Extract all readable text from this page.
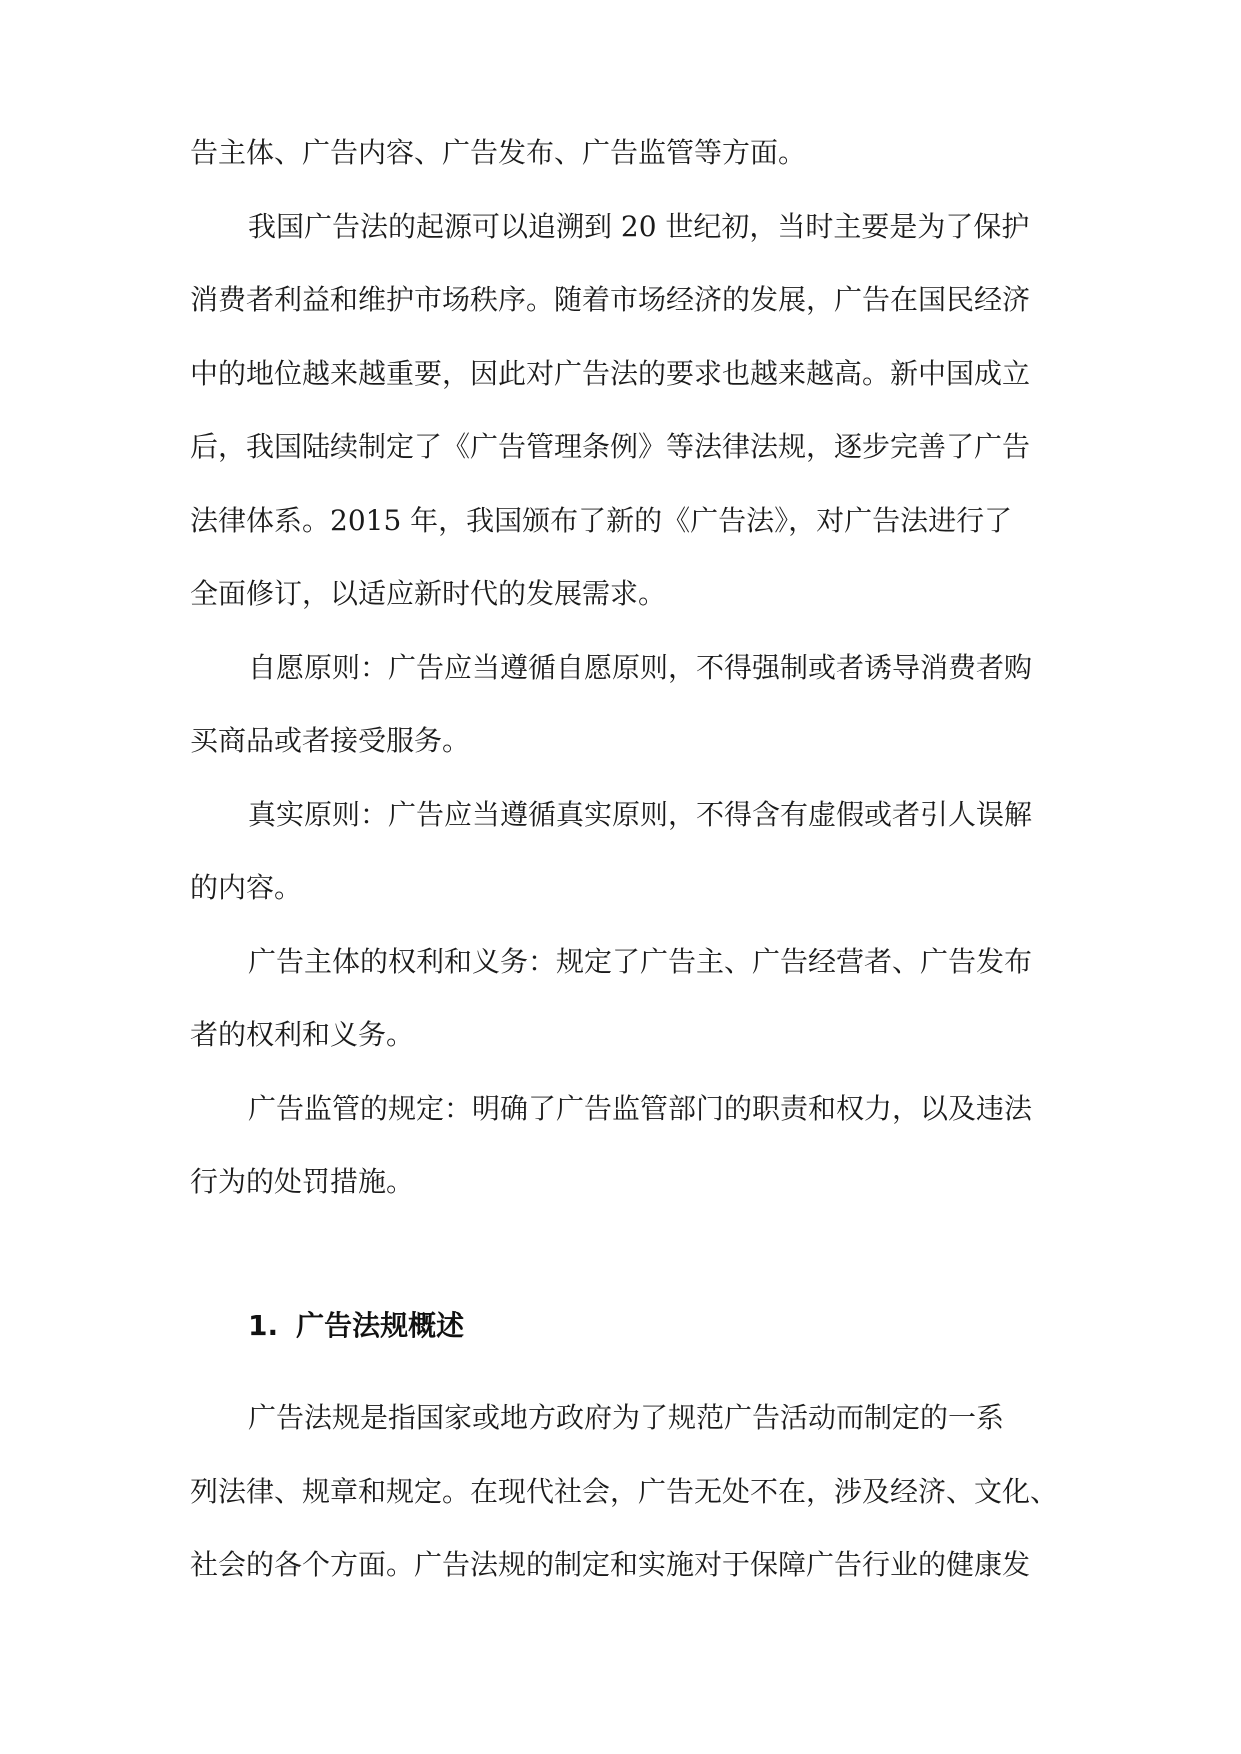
告主体、广告内容、广告发布、广告监管等方面。
我国广告法的起源可以追溯到 20 世纪初，当时主要是为了保护
消费者利益和维护市场秩序。随着市场经济的发展，广告在国民经济
中的地位越来越重要，因此对广告法的要求也越来越高。新中国成立
后，我国陆续制定了《广告管理条例》等法律法规，逐步完善了广告
法律体系。2015 年，我国颁布了新的《广告法》，对广告法进行了
全面修订，以适应新时代的发展需求。
自愿原则：广告应当遵循自愿原则，不得强制或者诱导消费者购
买商品或者接受服务。
真实原则：广告应当遵循真实原则，不得含有虚假或者引人误解
的内容。
广告主体的权利和义务：规定了广告主、广告经营者、广告发布
者的权利和义务。
广告监管的规定：明确了广告监管部门的职责和权力，以及违法
行为的处罚措施。
1. 广告法规概述
广告法规是指国家或地方政府为了规范广告活动而制定的一系
列法律、规章和规定。在现代社会，广告无处不在，涉及经济、文化、
社会的各个方面。广告法规的制定和实施对于保障广告行业的健康发
